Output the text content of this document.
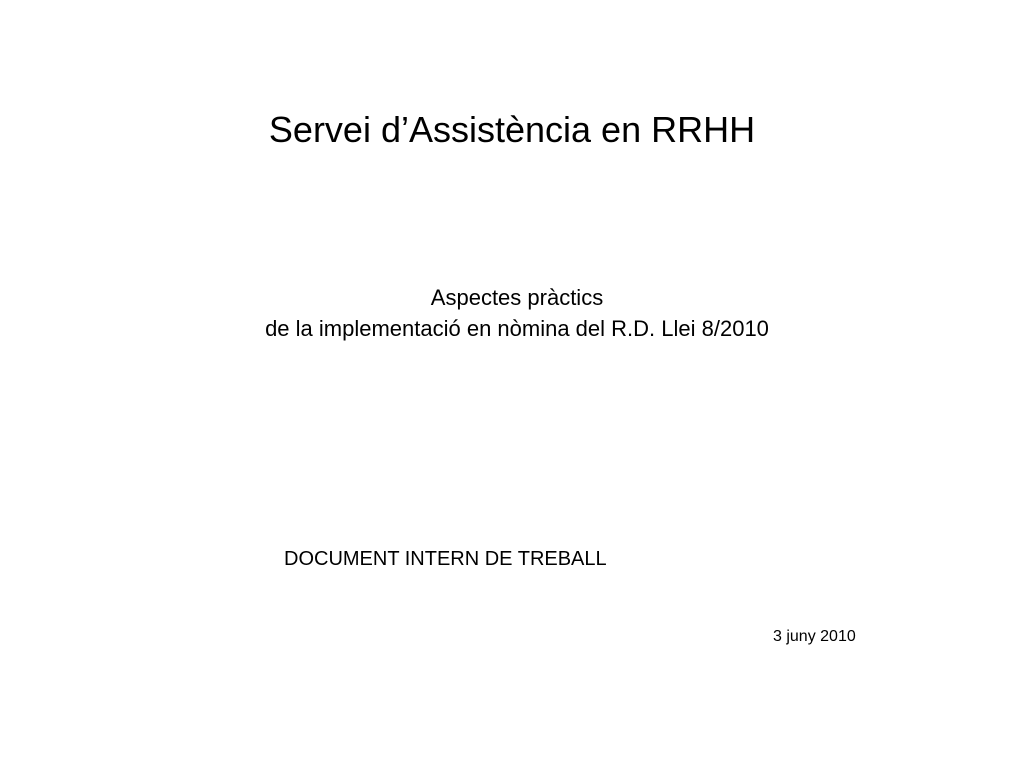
Servei d’Assistència en RRHH
Aspectes pràctics
de la implementació en nòmina del R.D. Llei 8/2010
DOCUMENT INTERN DE TREBALL
3 juny 2010
